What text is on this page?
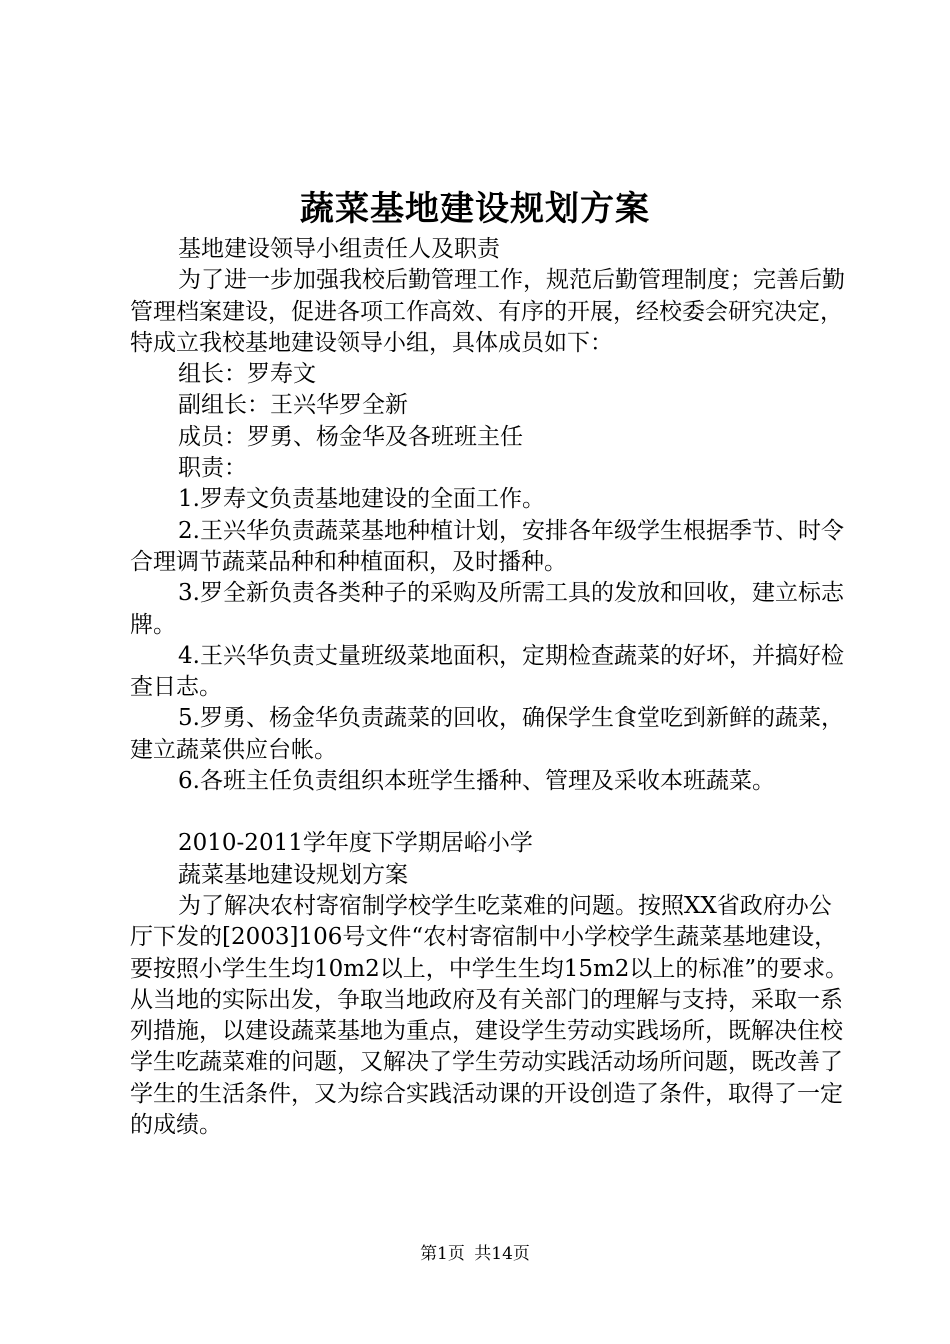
蔬菜基地建设规划方案

基地建设领导小组责任人及职责

为了进一步加强我校后勤管理工作，规范后勤管理制度；完善后勤管理档案建设，促进各项工作高效、有序的开展，经校委会研究决定，特成立我校基地建设领导小组，具体成员如下：

组长：罗寿文

副组长：王兴华罗全新

成员：罗勇、杨金华及各班班主任

职责：

1.罗寿文负责基地建设的全面工作。

2.王兴华负责蔬菜基地种植计划，安排各年级学生根据季节、时令合理调节蔬菜品种和种植面积，及时播种。

3.罗全新负责各类种子的采购及所需工具的发放和回收，建立标志牌。

4.王兴华负责丈量班级菜地面积，定期检查蔬菜的好坏，并搞好检查日志。

5.罗勇、杨金华负责蔬菜的回收，确保学生食堂吃到新鲜的蔬菜，建立蔬菜供应台帐。

6.各班主任负责组织本班学生播种、管理及采收本班蔬菜。

2010-2011学年度下学期居峪小学

蔬菜基地建设规划方案

为了解决农村寄宿制学校学生吃菜难的问题。按照XX省政府办公厅下发的[2003]106号文件“农村寄宿制中小学校学生蔬菜基地建设，要按照小学生生均10m2以上，中学生生均15m2以上的标准”的要求。从当地的实际出发，争取当地政府及有关部门的理解与支持，采取一系列措施，以建设蔬菜基地为重点，建设学生劳动实践场所，既解决住校学生吃蔬菜难的问题，又解决了学生劳动实践活动场所问题，既改善了学生的生活条件，又为综合实践活动课的开设创造了条件，取得了一定的成绩。

第1页 共14页
